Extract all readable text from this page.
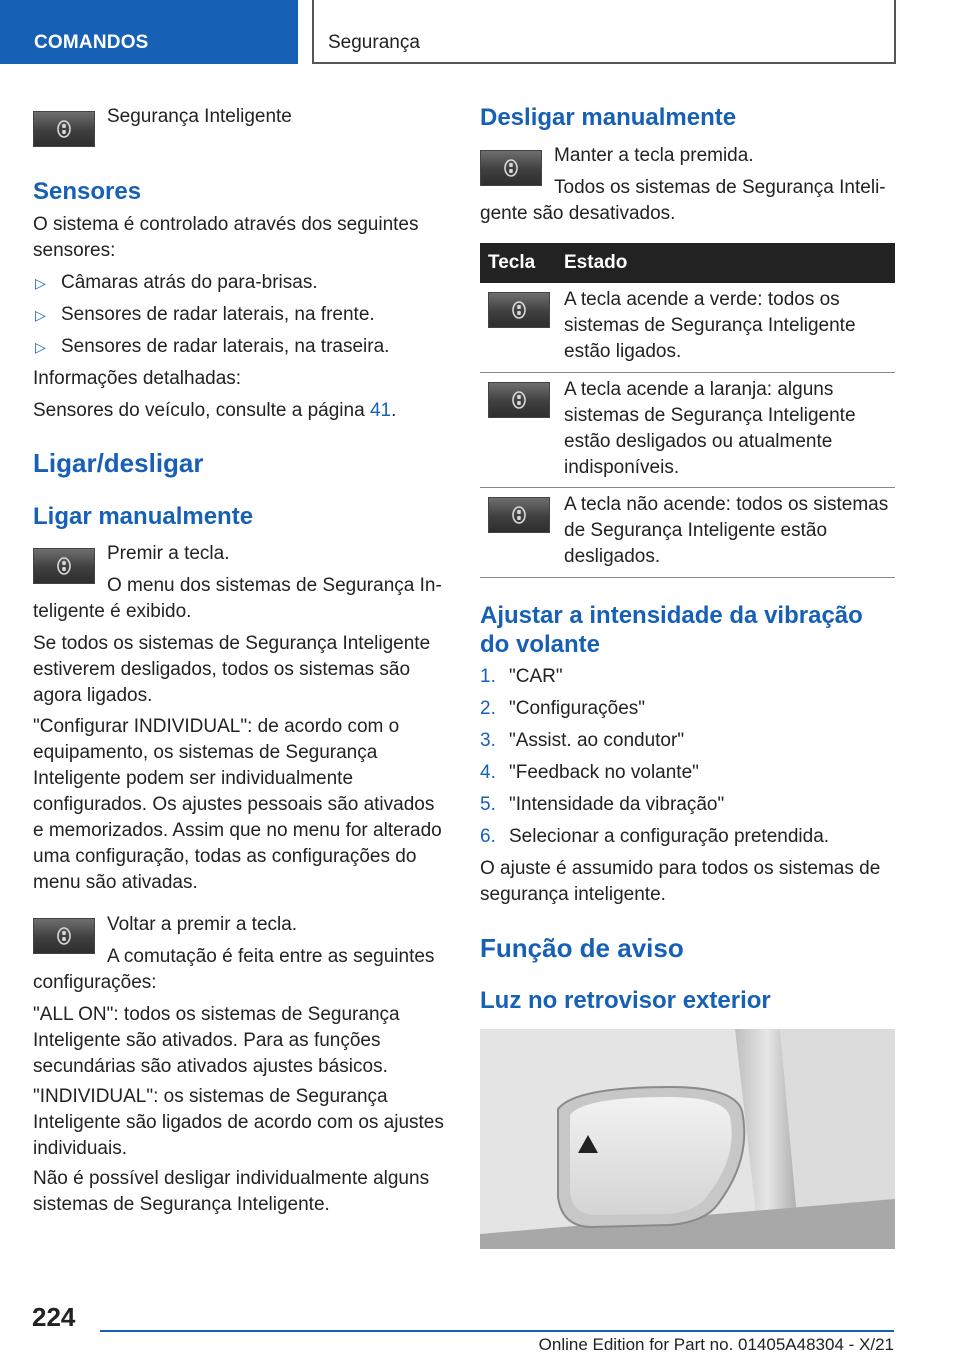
COMANDOS	Segurança
Segurança Inteligente
Sensores
O sistema é controlado através dos seguintes sensores:
▷ Câmaras atrás do para-brisas.
▷ Sensores de radar laterais, na frente.
▷ Sensores de radar laterais, na traseira.
Informações detalhadas:
Sensores do veículo, consulte a página 41.
Ligar/desligar
Ligar manualmente
Premir a tecla.
O menu dos sistemas de Segurança In-
teligente é exibido.
Se todos os sistemas de Segurança Inteligente estiverem desligados, todos os sistemas são agora ligados.
"Configurar INDIVIDUAL": de acordo com o equipamento, os sistemas de Segurança Inteligente podem ser individualmente configurados. Os ajustes pessoais são ativados e memorizados. Assim que no menu for alterado uma configuração, todas as configurações do menu são ativadas.
Voltar a premir a tecla.
A comutação é feita entre as seguintes
configurações:
"ALL ON": todos os sistemas de Segurança Inteligente são ativados. Para as funções secundárias são ativados ajustes básicos.
"INDIVIDUAL": os sistemas de Segurança Inteligente são ligados de acordo com os ajustes individuais.
Não é possível desligar individualmente alguns sistemas de Segurança Inteligente.
Desligar manualmente
Manter a tecla premida.
Todos os sistemas de Segurança Inteli-
gente são desativados.
Tecla Estado
A tecla acende a verde: todos os sistemas de Segurança Inteligente estão ligados.
A tecla acende a laranja: alguns sistemas de Segurança Inteligente estão desligados ou atualmente indisponíveis.
A tecla não acende: todos os sistemas de Segurança Inteligente estão desligados.
Ajustar a intensidade da vibração do volante
1. "CAR"
2. "Configurações"
3. "Assist. ao condutor"
4. "Feedback no volante"
5. "Intensidade da vibração"
6. Selecionar a configuração pretendida.
O ajuste é assumido para todos os sistemas de segurança inteligente.
Função de aviso
Luz no retrovisor exterior
224
Online Edition for Part no. 01405A48304 - X/21
